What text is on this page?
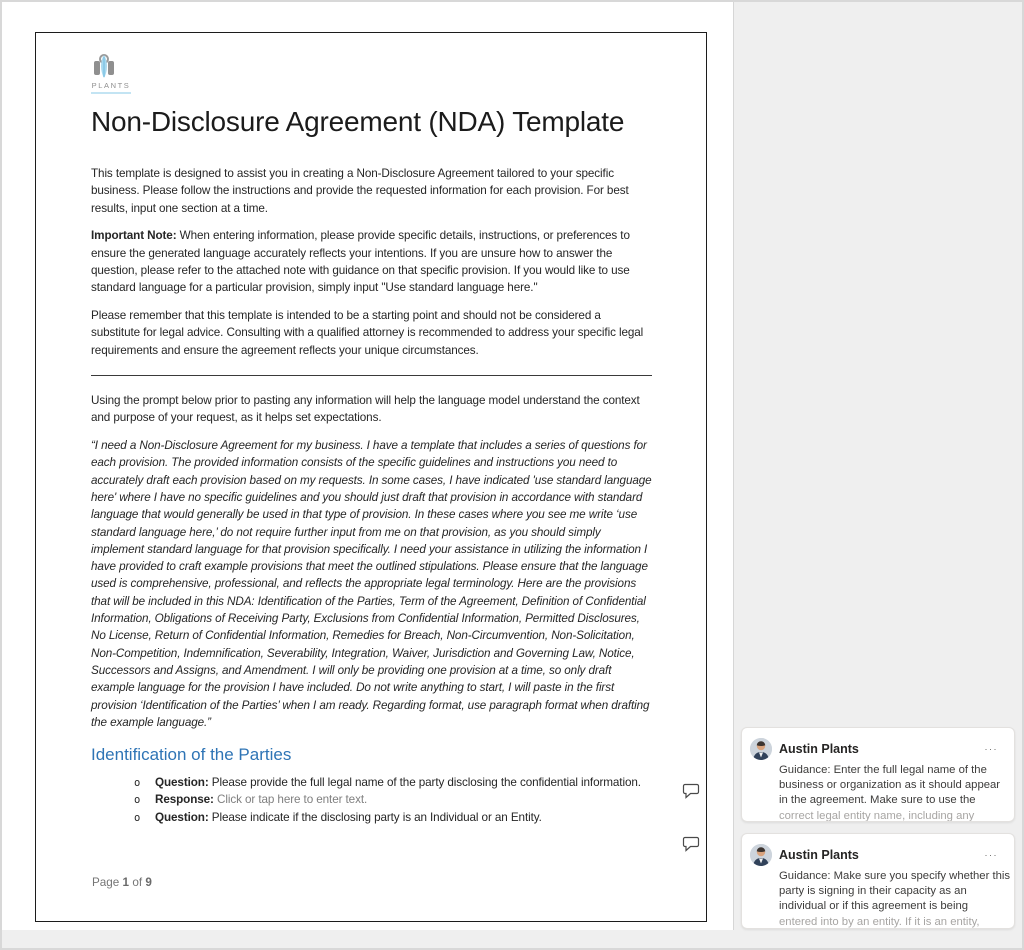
PLANTS
Non-Disclosure Agreement (NDA) Template

This template is designed to assist you in creating a Non-Disclosure Agreement tailored to your specific business. Please follow the instructions and provide the requested information for each provision. For best results, input one section at a time.

Important Note: When entering information, please provide specific details, instructions, or preferences to ensure the generated language accurately reflects your intentions. If you are unsure how to answer the question, please refer to the attached note with guidance on that specific provision. If you would like to use standard language for a particular provision, simply input "Use standard language here."

Please remember that this template is intended to be a starting point and should not be considered a substitute for legal advice. Consulting with a qualified attorney is recommended to address your specific legal requirements and ensure the agreement reflects your unique circumstances.

Using the prompt below prior to pasting any information will help the language model understand the context and purpose of your request, as it helps set expectations.

“I need a Non-Disclosure Agreement for my business. I have a template that includes a series of questions for each provision. The provided information consists of the specific guidelines and instructions you need to accurately draft each provision based on my requests. In some cases, I have indicated 'use standard language here' where I have no specific guidelines and you should just draft that provision in accordance with standard language that would generally be used in that type of provision. In these cases where you see me write ‘use standard language here,’ do not require further input from me on that provision, as you should simply implement standard language for that provision specifically. I need your assistance in utilizing the information I have provided to craft example provisions that meet the outlined stipulations. Please ensure that the language used is comprehensive, professional, and reflects the appropriate legal terminology. Here are the provisions that will be included in this NDA: Identification of the Parties, Term of the Agreement, Definition of Confidential Information, Obligations of Receiving Party, Exclusions from Confidential Information, Permitted Disclosures, No License, Return of Confidential Information, Remedies for Breach, Non-Circumvention, Non-Solicitation, Non-Competition, Indemnification, Severability, Integration, Waiver, Jurisdiction and Governing Law, Notice, Successors and Assigns, and Amendment. I will only be providing one provision at a time, so only draft example language for the provision I have included. Do not write anything to start, I will paste in the first provision ‘Identification of the Parties’ when I am ready. Regarding format, use paragraph format when drafting the example language.”

Identification of the Parties
o Question: Please provide the full legal name of the party disclosing the confidential information.
o Response: Click or tap here to enter text.
o Question: Please indicate if the disclosing party is an Individual or an Entity.
Page 1 of 9
Austin Plants	···
Guidance: Enter the full legal name of the business or organization as it should appear in the agreement. Make sure to use the
correct legal entity name, including any
Austin Plants	···
Guidance: Make sure you specify whether this party is signing in their capacity as an individual or if this agreement is being
entered into by an entity. If it is an entity,
